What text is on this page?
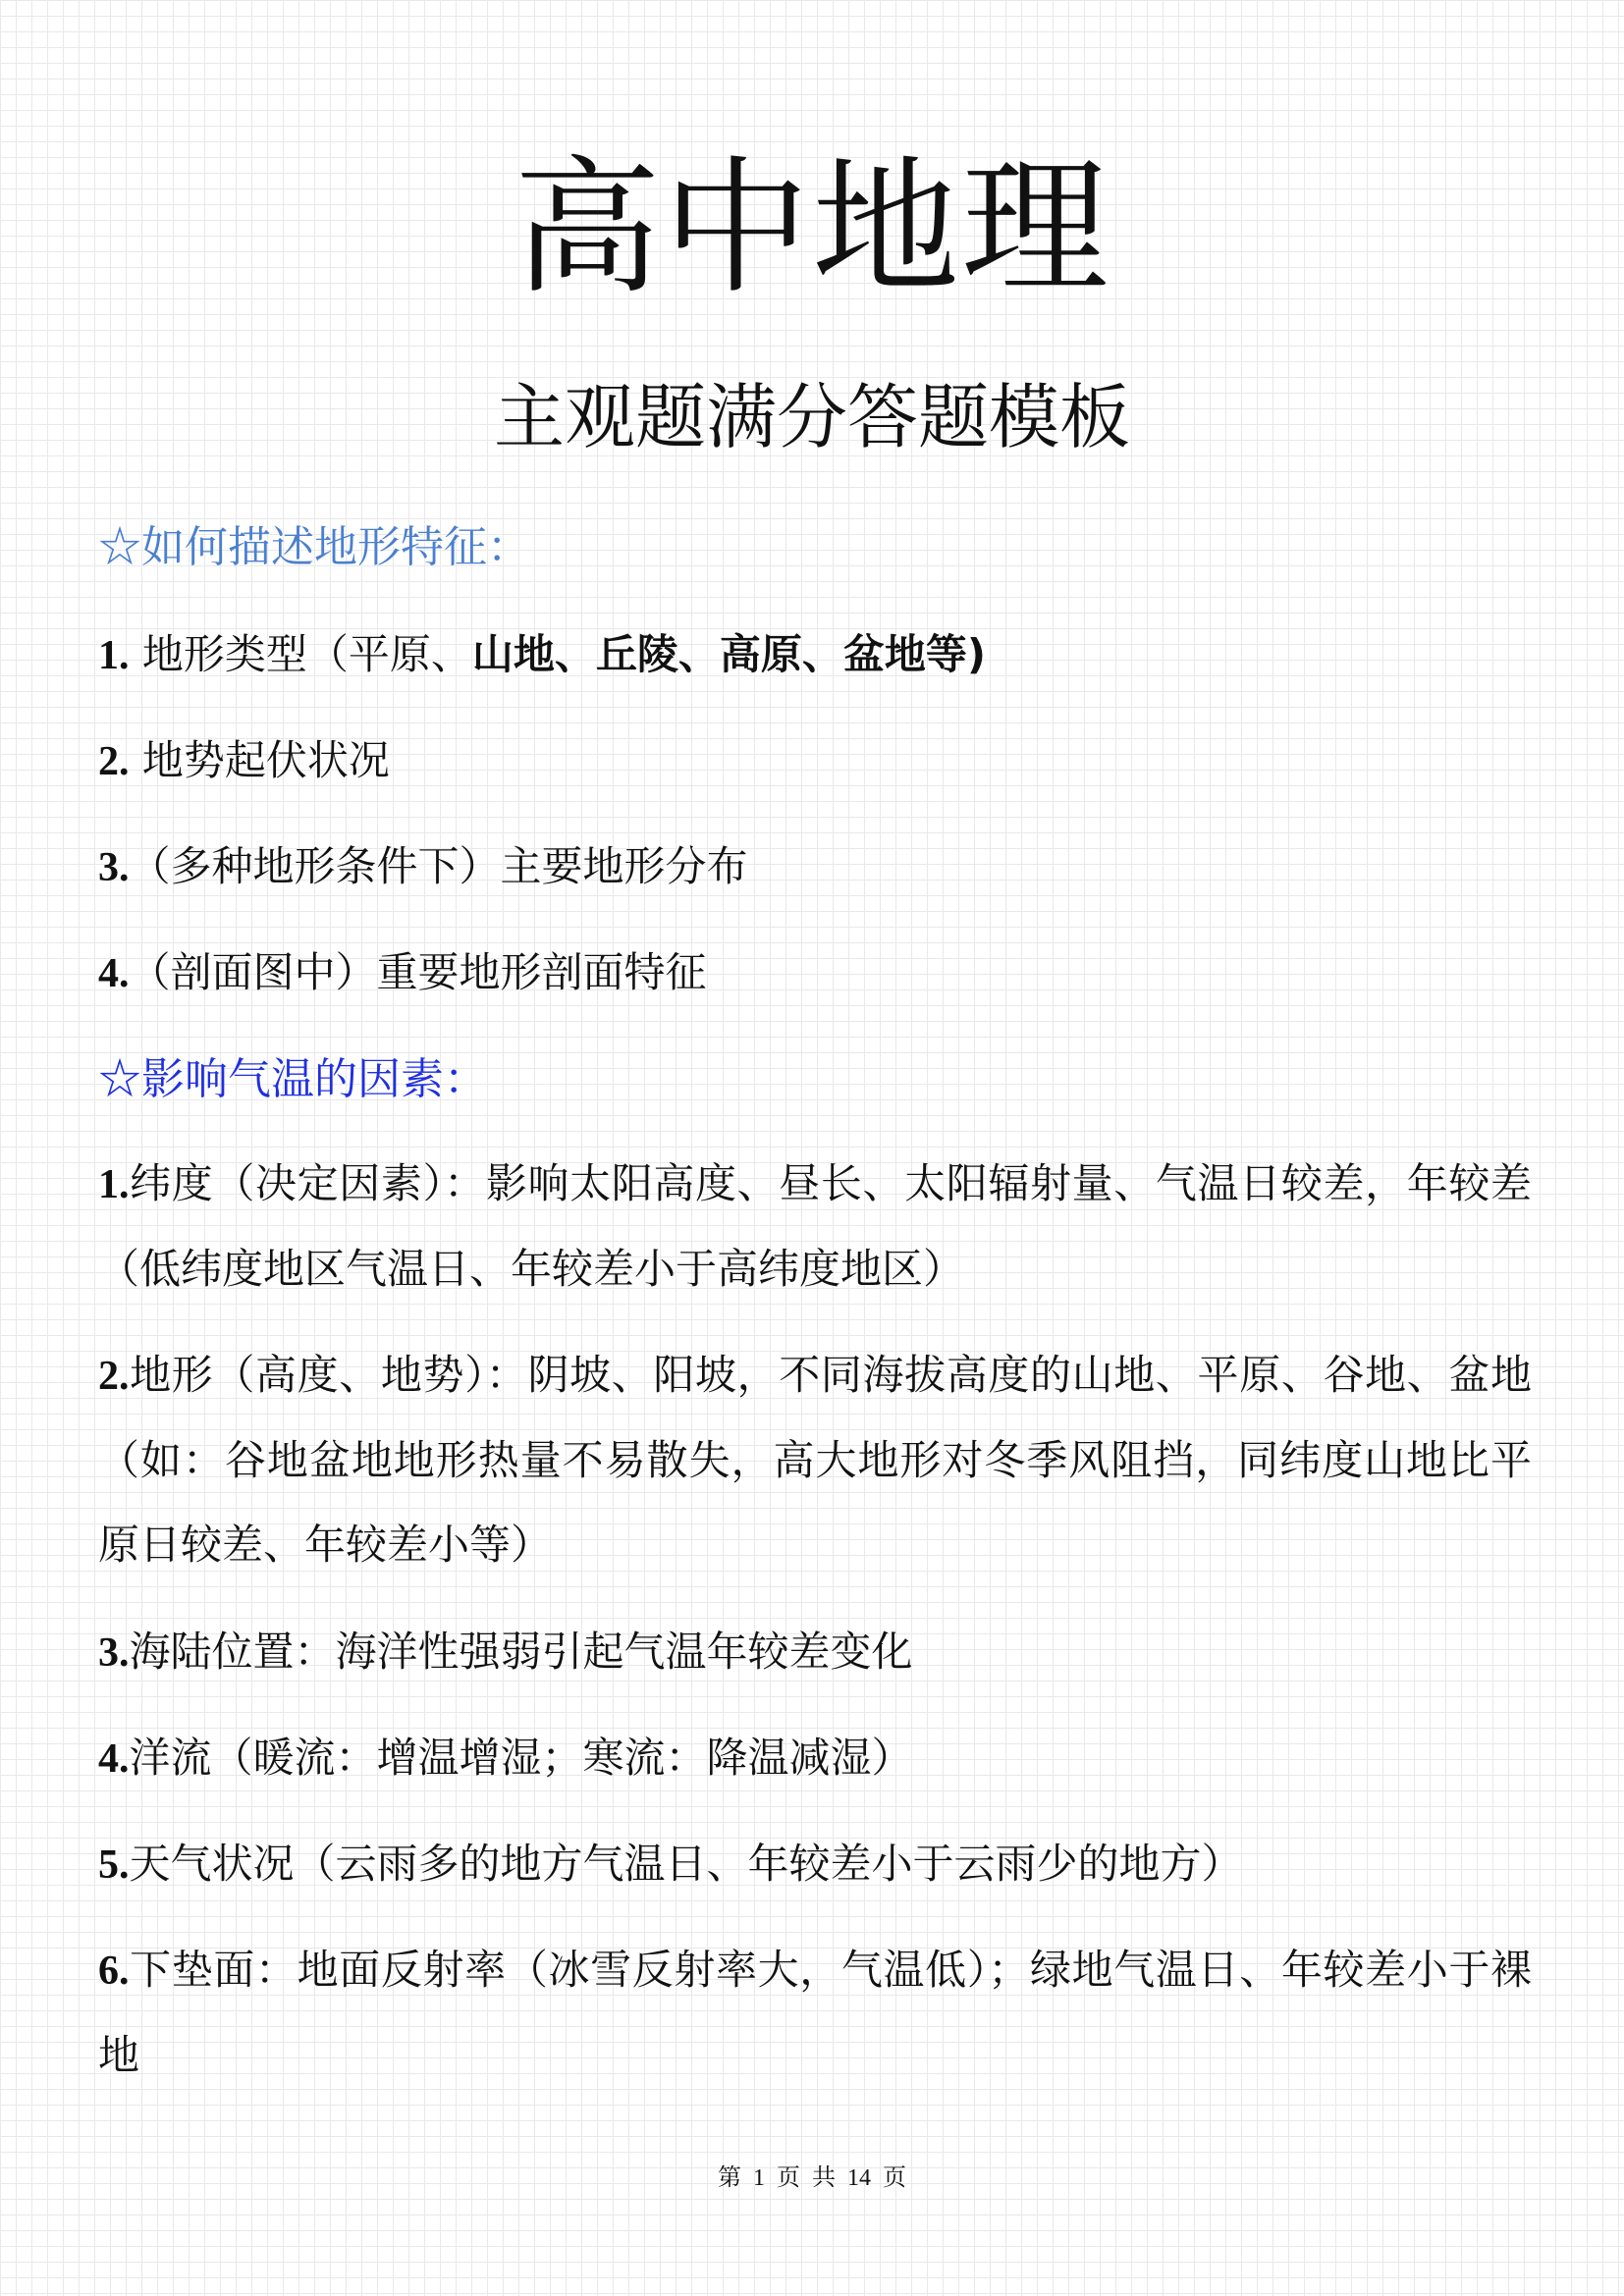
高中地理
主观题满分答题模板
☆如何描述地形特征：
1. 地形类型（平原、山地、丘陵、高原、盆地等)
2. 地势起伏状况
3.（多种地形条件下）主要地形分布
4.（剖面图中）重要地形剖面特征
☆影响气温的因素：
1.纬度（决定因素）：影响太阳高度、昼长、太阳辐射量、气温日较差，年较差（低纬度地区气温日、年较差小于高纬度地区）
2.地形（高度、地势）：阴坡、阳坡，不同海拔高度的山地、平原、谷地、盆地（如：谷地盆地地形热量不易散失，高大地形对冬季风阻挡，同纬度山地比平原日较差、年较差小等）
3.海陆位置：海洋性强弱引起气温年较差变化
4.洋流（暖流：增温增湿；寒流：降温减湿）
5.天气状况（云雨多的地方气温日、年较差小于云雨少的地方）
6.下垫面：地面反射率（冰雪反射率大，气温低）；绿地气温日、年较差小于裸地
第 1 页 共 14 页
